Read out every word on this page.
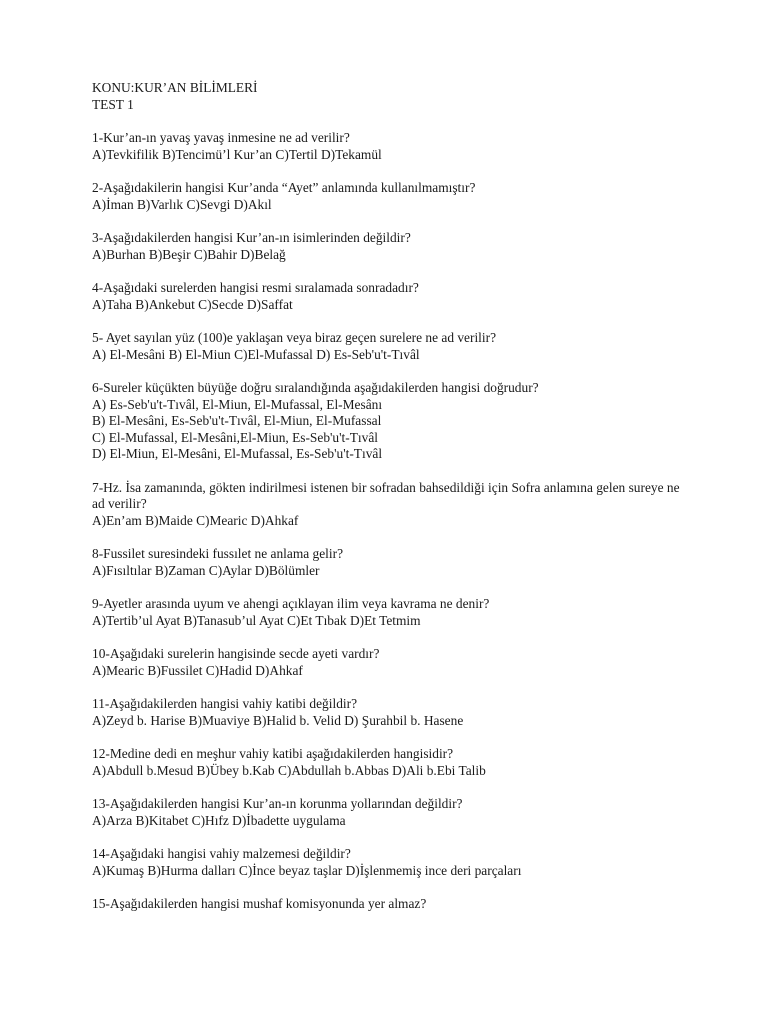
KONU:KUR’AN BİLİMLERİ
TEST 1
1-Kur’an-ın yavaş yavaş inmesine ne ad verilir?
A)Tevkifilik B)Tencimü’l Kur’an C)Tertil D)Tekamül
2-Aşağıdakilerin hangisi Kur’anda “Ayet” anlamında kullanılmamıştır?
A)İman B)Varlık C)Sevgi D)Akıl
3-Aşağıdakilerden hangisi Kur’an-ın isimlerinden değildir?
A)Burhan B)Beşir C)Bahir D)Belağ
4-Aşağıdaki surelerden hangisi resmi sıralamada sonradadır?
A)Taha B)Ankebut C)Secde D)Saffat
5- Ayet sayılan yüz (100)e yaklaşan veya biraz geçen surelere ne ad verilir?
A) El-Mesâni B) El-Miun C)El-Mufassal D) Es-Seb'u't-Tıvâl
6-Sureler küçükten büyüğe doğru sıralandığında aşağıdakilerden hangisi doğrudur?
A) Es-Seb'u't-Tıvâl, El-Miun, El-Mufassal, El-Mesânı
B) El-Mesâni, Es-Seb'u't-Tıvâl, El-Miun, El-Mufassal
C) El-Mufassal, El-Mesâni,El-Miun, Es-Seb'u't-Tıvâl
D) El-Miun, El-Mesâni, El-Mufassal, Es-Seb'u't-Tıvâl
7-Hz. İsa zamanında, gökten indirilmesi istenen bir sofradan bahsedildiği için Sofra anlamına gelen sureye ne ad verilir?
A)En’am B)Maide C)Mearic D)Ahkaf
8-Fussilet suresindeki fussılet ne anlama gelir?
A)Fısıltılar B)Zaman C)Aylar D)Bölümler
9-Ayetler arasında uyum ve ahengi açıklayan ilim veya kavrama ne denir?
A)Tertib’ul Ayat B)Tanasub’ul Ayat C)Et Tıbak D)Et Tetmim
10-Aşağıdaki surelerin hangisinde secde ayeti vardır?
A)Mearic B)Fussilet C)Hadid D)Ahkaf
11-Aşağıdakilerden hangisi vahiy katibi değildir?
A)Zeyd b. Harise B)Muaviye B)Halid b. Velid D) Şurahbil b. Hasene
12-Medine dedi en meşhur vahiy katibi aşağıdakilerden hangisidir?
A)Abdull b.Mesud B)Übey b.Kab C)Abdullah b.Abbas D)Ali b.Ebi Talib
13-Aşağıdakilerden hangisi Kur’an-ın korunma yollarından değildir?
A)Arza B)Kitabet C)Hıfz D)İbadette uygulama
14-Aşağıdaki hangisi vahiy malzemesi değildir?
A)Kumaş B)Hurma dalları C)İnce beyaz taşlar D)İşlenmemiş ince deri parçaları
15-Aşağıdakilerden hangisi mushaf komisyonunda yer almaz?
